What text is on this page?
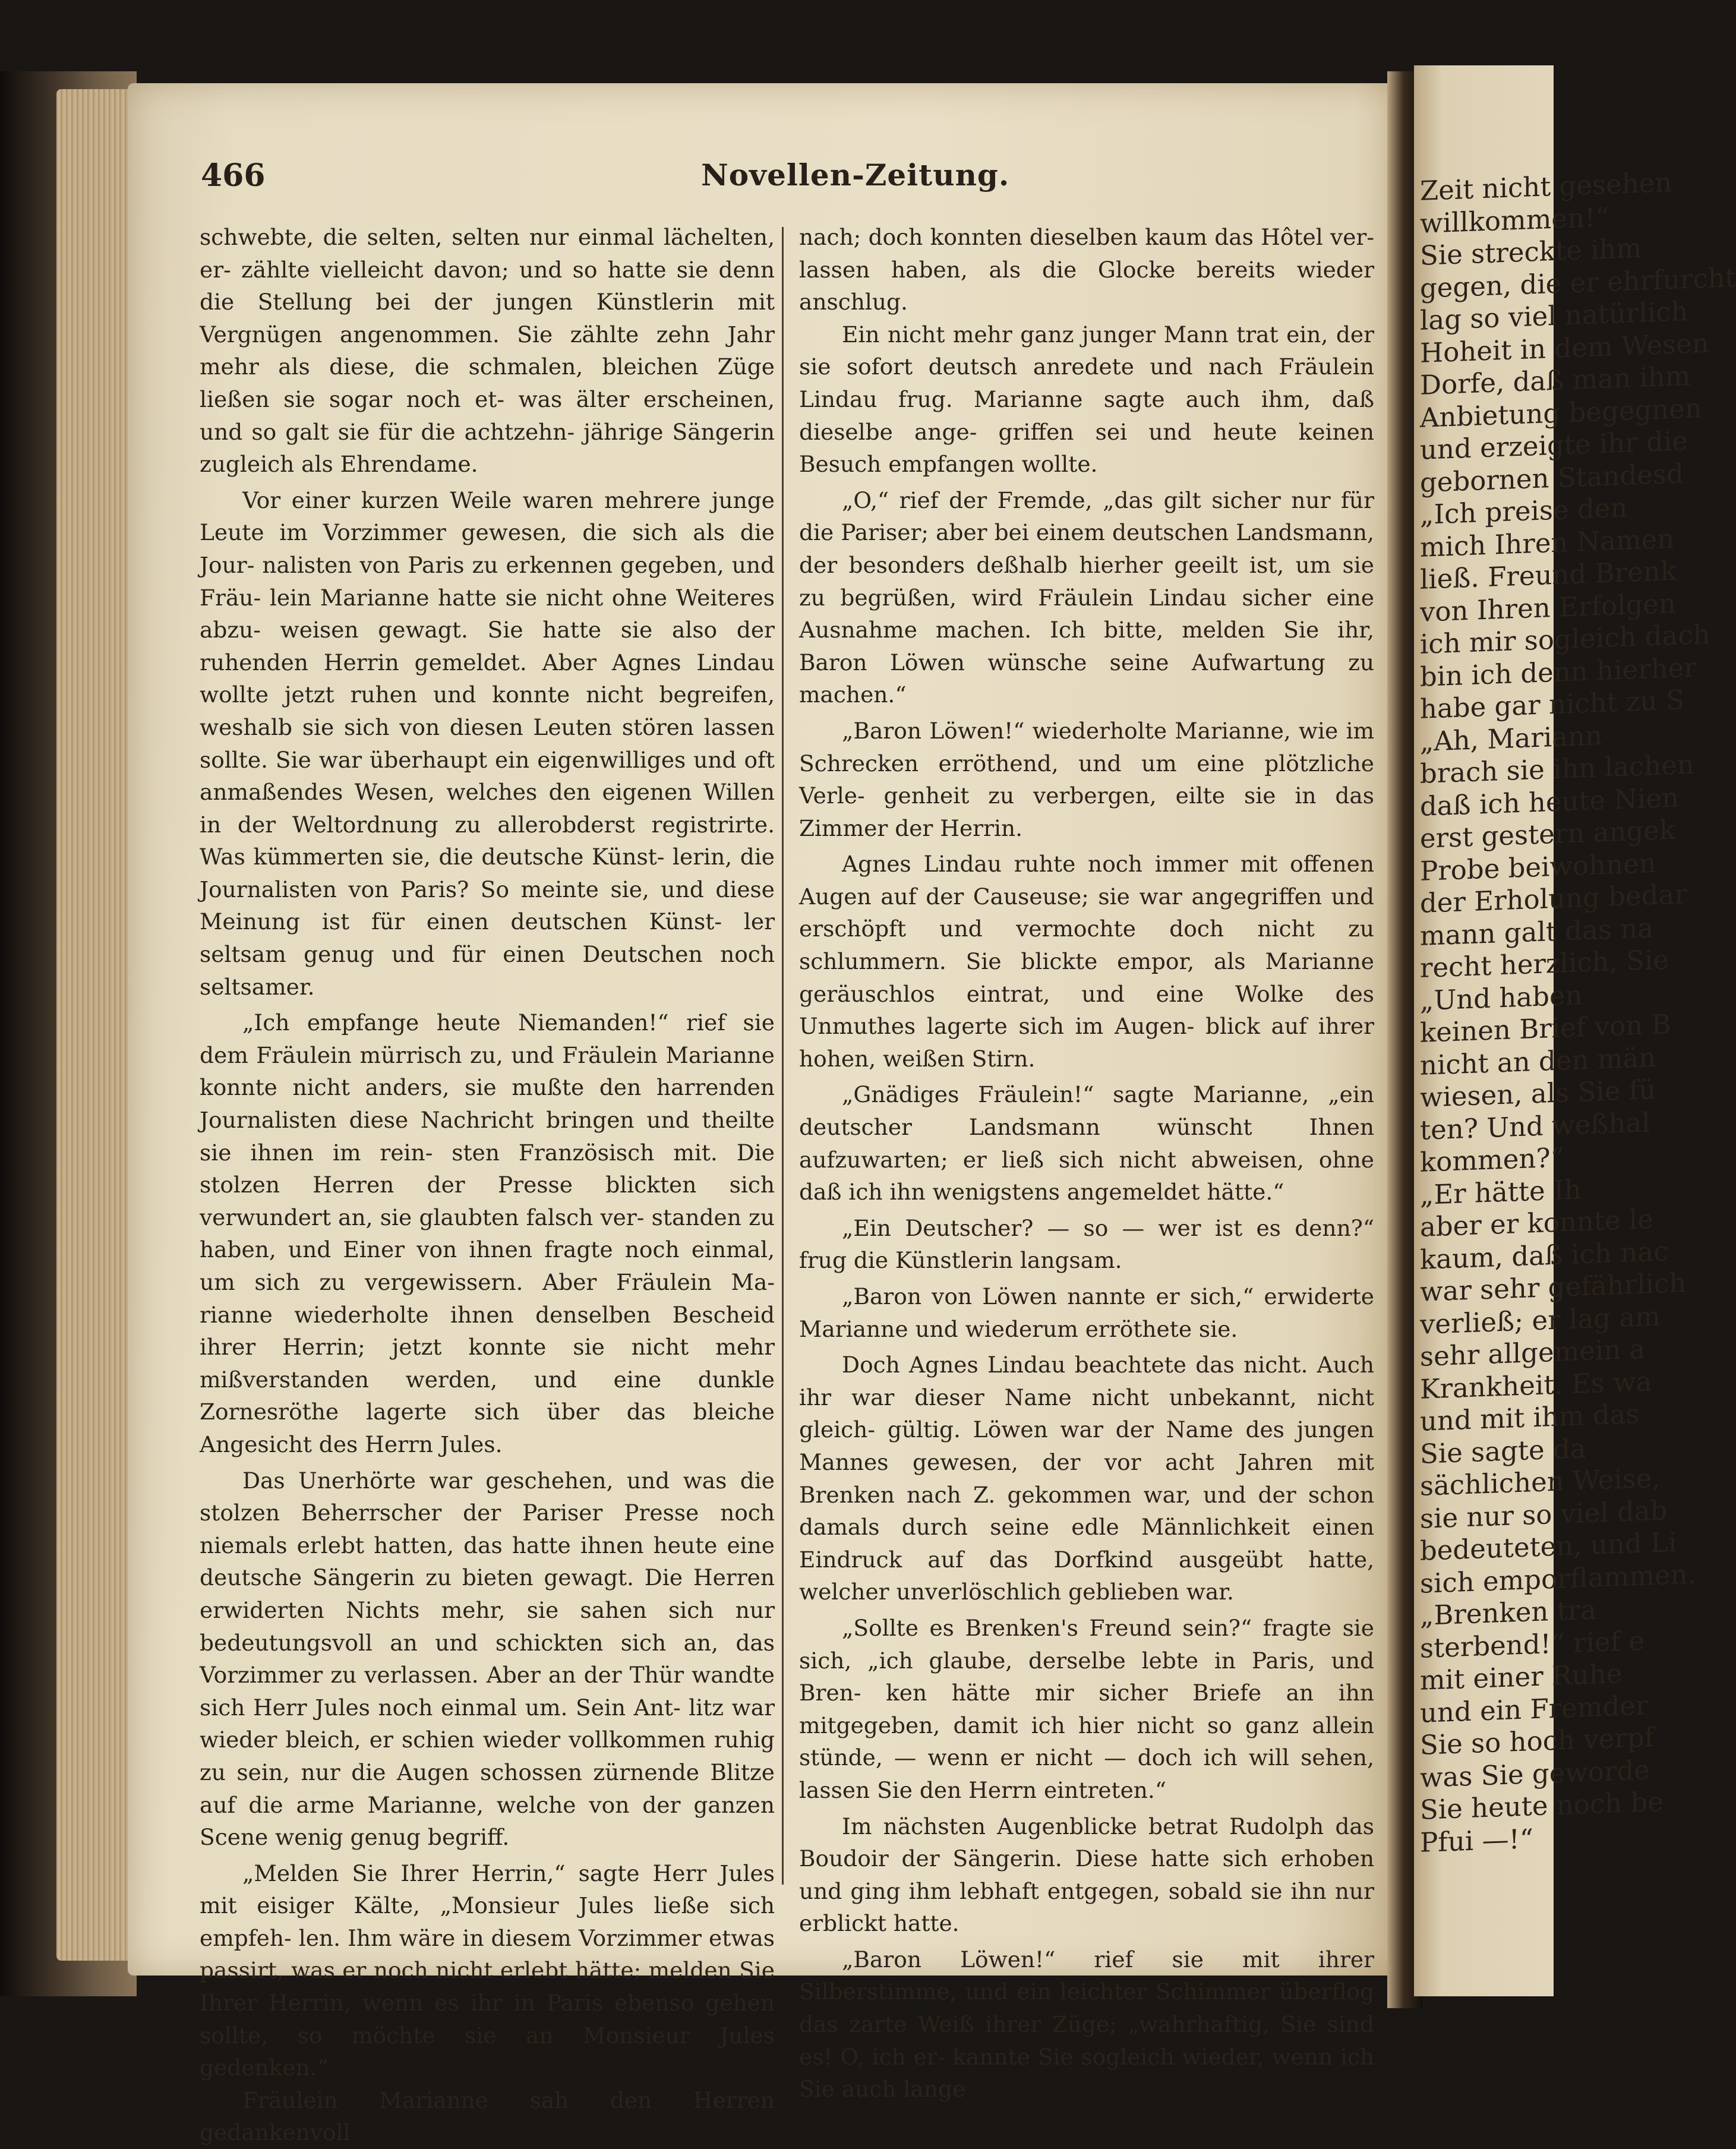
Zeit nicht gesehen
willkommen!“
Sie streckte ihm
gegen, die er ehrfurcht
lag so viel natürlich
Hoheit in dem Wesen
Dorfe, daß man ihm
Anbietung begegnen
und erzeigte ihr die
gebornen Standesd
„Ich preise den
mich Ihren Namen
ließ. Freund Brenk
von Ihren Erfolgen
ich mir sogleich dach
bin ich denn hierher
habe gar nicht zu S
„Ah, Mariann
brach sie ihn lachen
daß ich heute Nien
erst gestern angek
Probe beiwohnen
der Erholung bedar
mann galt das na
recht herzlich, Sie
„Und haben
keinen Brief von B
nicht an den män
wiesen, als Sie fü
ten? Und weßhal
kommen?“
„Er hätte Ih
aber er konnte le
kaum, daß ich nac
war sehr gefährlich
verließ; er lag am
sehr allgemein a
Krankheit. Es wa
und mit ihm das
Sie sagte da
sächlichen Weise,
sie nur so viel dab
bedeuteten, und Li
sich emporflammen.
„Brenken tra
sterbend!“ rief e
mit einer Ruhe
und ein Fremder
Sie so hoch verpf
was Sie geworde
Sie heute noch be
Pfui —!“
466	Novellen-Zeitung.

schwebte, die selten, selten nur einmal lächelten, er- zählte vielleicht davon; und so hatte sie denn die Stellung bei der jungen Künstlerin mit Vergnügen angenommen. Sie zählte zehn Jahr mehr als diese, die schmalen, bleichen Züge ließen sie sogar noch et- was älter erscheinen, und so galt sie für die achtzehn- jährige Sängerin zugleich als Ehrendame.

Vor einer kurzen Weile waren mehrere junge Leute im Vorzimmer gewesen, die sich als die Jour- nalisten von Paris zu erkennen gegeben, und Fräu- lein Marianne hatte sie nicht ohne Weiteres abzu- weisen gewagt. Sie hatte sie also der ruhenden Herrin gemeldet. Aber Agnes Lindau wollte jetzt ruhen und konnte nicht begreifen, weshalb sie sich von diesen Leuten stören lassen sollte. Sie war überhaupt ein eigenwilliges und oft anmaßendes Wesen, welches den eigenen Willen in der Weltordnung zu allerobderst registrirte. Was kümmerten sie, die deutsche Künst- lerin, die Journalisten von Paris? So meinte sie, und diese Meinung ist für einen deutschen Künst- ler seltsam genug und für einen Deutschen noch seltsamer.

„Ich empfange heute Niemanden!“ rief sie dem Fräulein mürrisch zu, und Fräulein Marianne konnte nicht anders, sie mußte den harrenden Journalisten diese Nachricht bringen und theilte sie ihnen im rein- sten Französisch mit. Die stolzen Herren der Presse blickten sich verwundert an, sie glaubten falsch ver- standen zu haben, und Einer von ihnen fragte noch einmal, um sich zu vergewissern. Aber Fräulein Ma- rianne wiederholte ihnen denselben Bescheid ihrer Herrin; jetzt konnte sie nicht mehr mißverstanden werden, und eine dunkle Zornesröthe lagerte sich über das bleiche Angesicht des Herrn Jules.

Das Unerhörte war geschehen, und was die stolzen Beherrscher der Pariser Presse noch niemals erlebt hatten, das hatte ihnen heute eine deutsche Sängerin zu bieten gewagt. Die Herren erwiderten Nichts mehr, sie sahen sich nur bedeutungsvoll an und schickten sich an, das Vorzimmer zu verlassen. Aber an der Thür wandte sich Herr Jules noch einmal um. Sein Ant- litz war wieder bleich, er schien wieder vollkommen ruhig zu sein, nur die Augen schossen zürnende Blitze auf die arme Marianne, welche von der ganzen Scene wenig genug begriff.

„Melden Sie Ihrer Herrin,“ sagte Herr Jules mit eisiger Kälte, „Monsieur Jules ließe sich empfeh- len. Ihm wäre in diesem Vorzimmer etwas passirt, was er noch nicht erlebt hätte; melden Sie Ihrer Herrin, wenn es ihr in Paris ebenso gehen sollte, so möchte sie an Monsieur Jules gedenken.“

Fräulein Marianne sah den Herren gedankenvoll

nach; doch konnten dieselben kaum das Hôtel ver- lassen haben, als die Glocke bereits wieder anschlug.

Ein nicht mehr ganz junger Mann trat ein, der sie sofort deutsch anredete und nach Fräulein Lindau frug. Marianne sagte auch ihm, daß dieselbe ange- griffen sei und heute keinen Besuch empfangen wollte.

„O,“ rief der Fremde, „das gilt sicher nur für die Pariser; aber bei einem deutschen Landsmann, der besonders deßhalb hierher geeilt ist, um sie zu begrüßen, wird Fräulein Lindau sicher eine Ausnahme machen. Ich bitte, melden Sie ihr, Baron Löwen wünsche seine Aufwartung zu machen.“

„Baron Löwen!“ wiederholte Marianne, wie im Schrecken erröthend, und um eine plötzliche Verle- genheit zu verbergen, eilte sie in das Zimmer der Herrin.

Agnes Lindau ruhte noch immer mit offenen Augen auf der Causeuse; sie war angegriffen und erschöpft und vermochte doch nicht zu schlummern. Sie blickte empor, als Marianne geräuschlos eintrat, und eine Wolke des Unmuthes lagerte sich im Augen- blick auf ihrer hohen, weißen Stirn.

„Gnädiges Fräulein!“ sagte Marianne, „ein deutscher Landsmann wünscht Ihnen aufzuwarten; er ließ sich nicht abweisen, ohne daß ich ihn wenigstens angemeldet hätte.“

„Ein Deutscher? — so — wer ist es denn?“ frug die Künstlerin langsam.

„Baron von Löwen nannte er sich,“ erwiderte Marianne und wiederum erröthete sie.

Doch Agnes Lindau beachtete das nicht. Auch ihr war dieser Name nicht unbekannt, nicht gleich- gültig. Löwen war der Name des jungen Mannes gewesen, der vor acht Jahren mit Brenken nach Z. gekommen war, und der schon damals durch seine edle Männlichkeit einen Eindruck auf das Dorfkind ausgeübt hatte, welcher unverlöschlich geblieben war.

„Sollte es Brenken's Freund sein?“ fragte sie sich, „ich glaube, derselbe lebte in Paris, und Bren- ken hätte mir sicher Briefe an ihn mitgegeben, damit ich hier nicht so ganz allein stünde, — wenn er nicht — doch ich will sehen, lassen Sie den Herrn eintreten.“

Im nächsten Augenblicke betrat Rudolph das Boudoir der Sängerin. Diese hatte sich erhoben und ging ihm lebhaft entgegen, sobald sie ihn nur erblickt hatte.

„Baron Löwen!“ rief sie mit ihrer Silberstimme, und ein leichter Schimmer überflog das zarte Weiß ihrer Züge; „wahrhaftig, Sie sind es! O, ich er- kannte Sie sogleich wieder, wenn ich Sie auch lange
